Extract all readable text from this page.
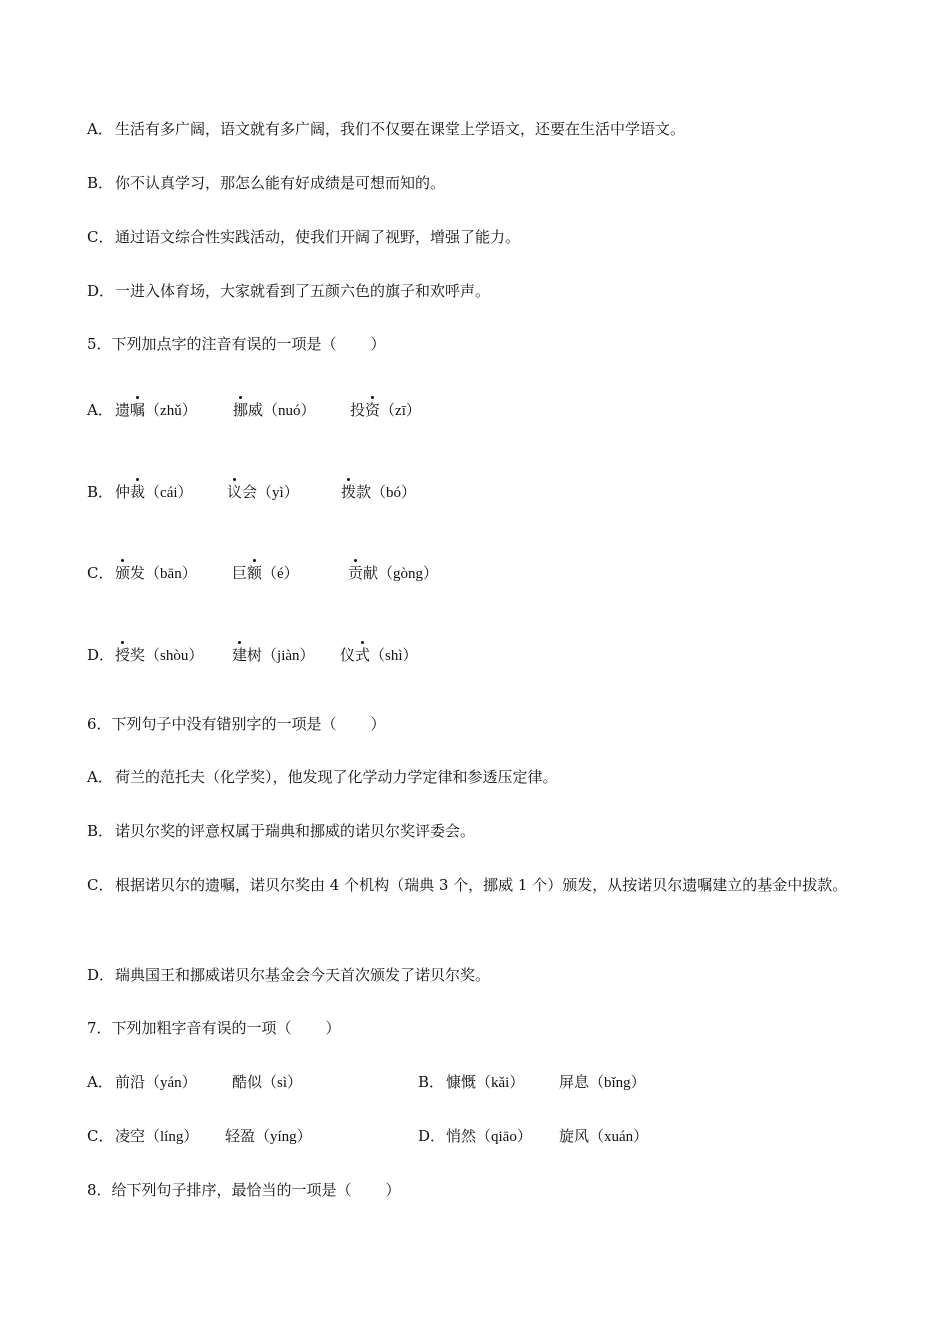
A． 生活有多广阔，语文就有多广阔，我们不仅要在课堂上学语文，还要在生活中学语文。
B． 你不认真学习，那怎么能有好成绩是可想而知的。
C． 通过语文综合性实践活动，使我们开阔了视野，增强了能力。
D．一进入体育场，大家就看到了五颜六色的旗子和欢呼声。
5．下列加点字的注音有误的一项是（ ）
A． 遗嘱（zhǔ） 挪威（nuó） 投资（zī）
B． 仲裁（cái） 议会（yì）	拨款（bó）
C． 颁发（bān） 巨额（é）	贡献（gòng）
D． 授奖（shòu） 建树（jiàn） 仪式（shì）
6．下列句子中没有错别字的一项是（ ）
A． 荷兰的范托夫（化学奖），他发现了化学动力学定律和参透压定律。
B． 诺贝尔奖的评意权属于瑞典和挪威的诺贝尔奖评委会。
C． 根据诺贝尔的遗嘱，诺贝尔奖由 4 个机构（瑞典 3 个，挪威 1 个）颁发，从按诺贝尔遗嘱建立的基金中拔款。
D．瑞典国王和挪威诺贝尔基金会今天首次颁发了诺贝尔奖。
7．下列加粗字音有误的一项（ ）
A． 前沿（yán） 酷似（sì）	B． 慷慨（kǎi） 屏息（bǐng）
C． 凌空（líng） 轻盈（yíng）	D．悄然（qiāo） 旋风（xuán）
8．给下列句子排序，最恰当的一项是（ ）
